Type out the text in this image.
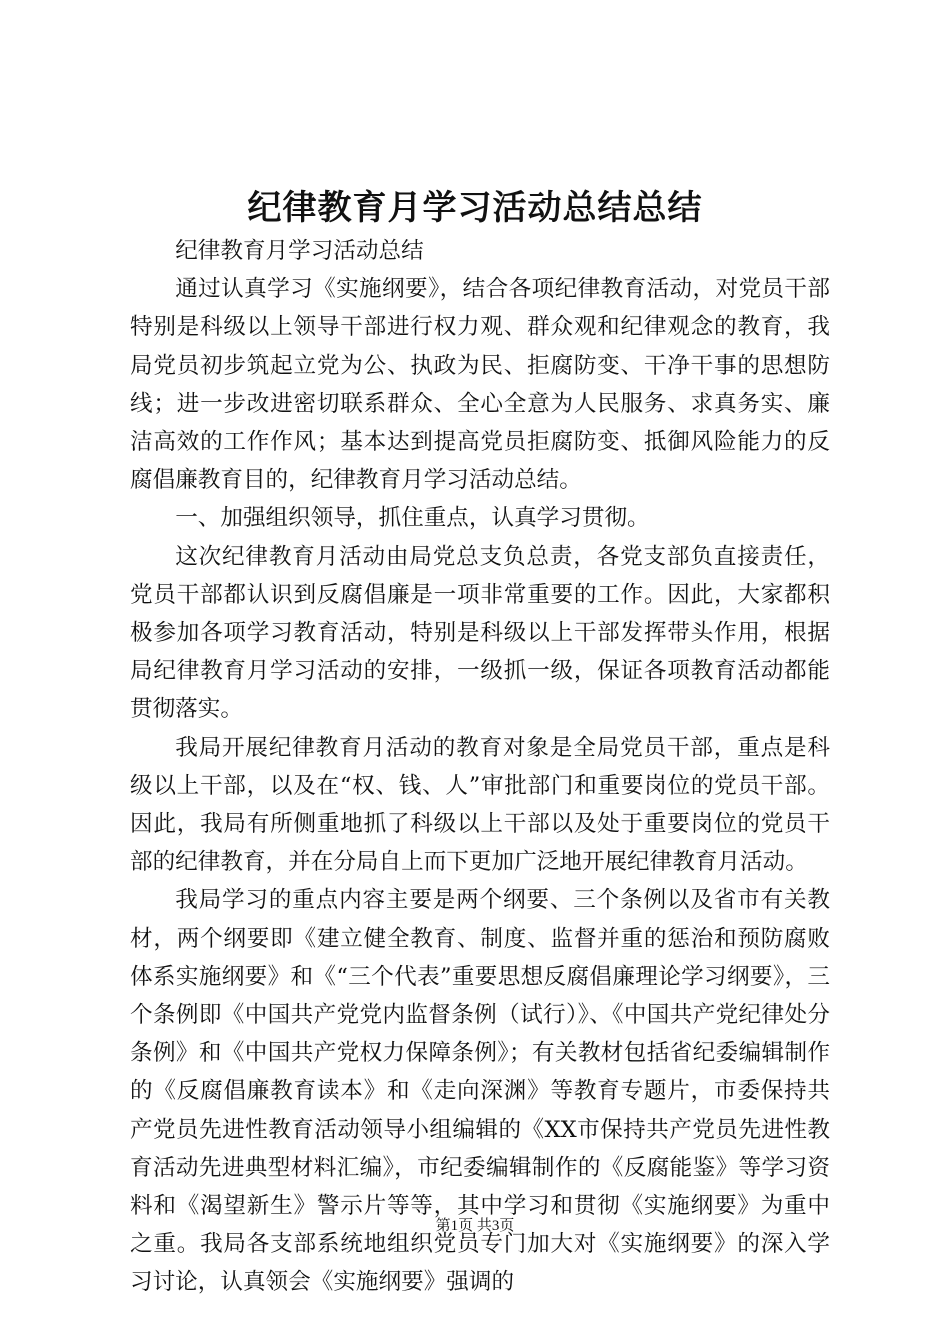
纪律教育月学习活动总结总结

纪律教育月学习活动总结

通过认真学习《实施纲要》，结合各项纪律教育活动，对党员干部特别是科级以上领导干部进行权力观、群众观和纪律观念的教育，我局党员初步筑起立党为公、执政为民、拒腐防变、干净干事的思想防线；进一步改进密切联系群众、全心全意为人民服务、求真务实、廉洁高效的工作作风；基本达到提高党员拒腐防变、抵御风险能力的反腐倡廉教育目的，纪律教育月学习活动总结。

一、加强组织领导，抓住重点，认真学习贯彻。

这次纪律教育月活动由局党总支负总责，各党支部负直接责任，党员干部都认识到反腐倡廉是一项非常重要的工作。因此，大家都积极参加各项学习教育活动，特别是科级以上干部发挥带头作用，根据局纪律教育月学习活动的安排，一级抓一级，保证各项教育活动都能贯彻落实。

我局开展纪律教育月活动的教育对象是全局党员干部，重点是科级以上干部，以及在“权、钱、人”审批部门和重要岗位的党员干部。因此，我局有所侧重地抓了科级以上干部以及处于重要岗位的党员干部的纪律教育，并在分局自上而下更加广泛地开展纪律教育月活动。

我局学习的重点内容主要是两个纲要、三个条例以及省市有关教材，两个纲要即《建立健全教育、制度、监督并重的惩治和预防腐败体系实施纲要》和《“三个代表”重要思想反腐倡廉理论学习纲要》，三个条例即《中国共产党党内监督条例（试行）》、《中国共产党纪律处分条例》和《中国共产党权力保障条例》；有关教材包括省纪委编辑制作的《反腐倡廉教育读本》和《走向深渊》等教育专题片，市委保持共产党员先进性教育活动领导小组编辑的《XX市保持共产党员先进性教育活动先进典型材料汇编》，市纪委编辑制作的《反腐能鉴》等学习资料和《渴望新生》警示片等等，其中学习和贯彻《实施纲要》为重中之重。我局各支部系统地组织党员专门加大对《实施纲要》的深入学习讨论，认真领会《实施纲要》强调的

第1页 共3页
